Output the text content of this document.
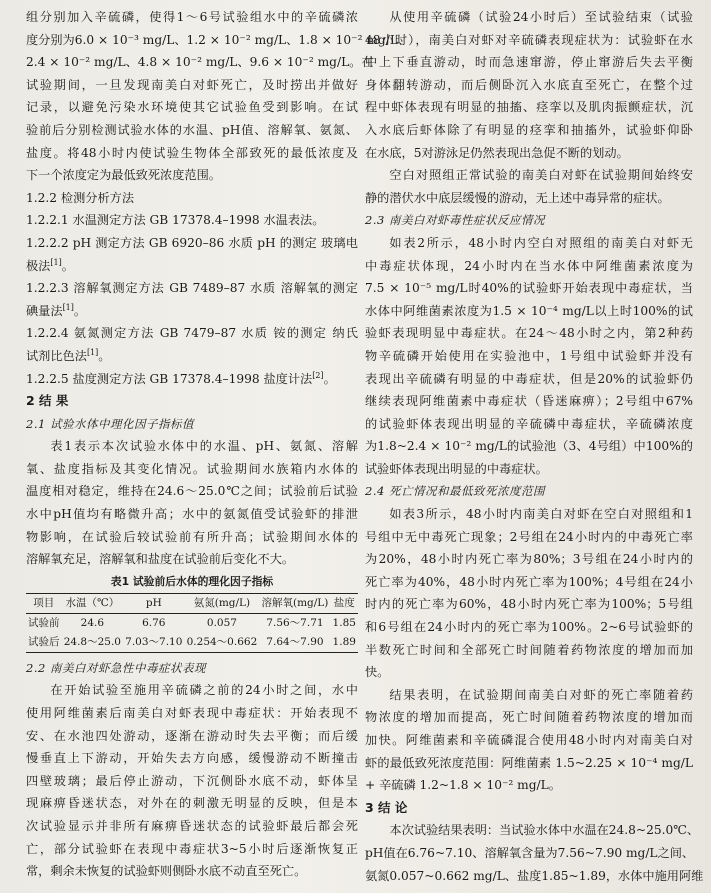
组分别加入辛硫磷，使得1～6号试验组水中的辛硫磷浓
度分别为6.0 × 10⁻³ mg/L、1.2 × 10⁻² mg/L、1.8 × 10⁻² mg/L、
2.4 × 10⁻² mg/L、4.8 × 10⁻² mg/L、9.6 × 10⁻² mg/L。在
试验期间，一旦发现南美白对虾死亡，及时捞出并做好
记录，以避免污染水环境使其它试验鱼受到影响。在试
验前后分别检测试验水体的水温、pH值、溶解氧、氨氮、
盐度。将48小时内使试验生物体全部致死的最低浓度及
下一个浓度定为最低致死浓度范围。
1.2.2 检测分析方法
1.2.2.1 水温测定方法 GB 17378.4–1998 水温表法。
1.2.2.2 pH 测定方法 GB 6920–86 水质 pH 的测定 玻璃电
极法[1]。
1.2.2.3 溶解氧测定方法 GB 7489–87 水质 溶解氧的测定
碘量法[1]。
1.2.2.4 氨氮测定方法 GB 7479–87 水质 铵的测定 纳氏
试剂比色法[1]。
1.2.2.5 盐度测定方法 GB 17378.4–1998 盐度计法[2]。
2 结 果
2.1 试验水体中理化因子指标值
表1表示本次试验水体中的水温、pH、氨氮、溶解
氧、盐度指标及其变化情况。试验期间水族箱内水体的
温度相对稳定，维持在24.6～25.0℃之间；试验前后试验
水中pH值均有略微升高；水中的氨氮值受试验虾的排泄
物影响，在试验后较试验前有所升高；试验期间水体的
溶解氧充足，溶解氧和盐度在试验前后变化不大。
表1 试验前后水体的理化因子指标
项目	水温（℃）	pH	氨氮(mg/L)	溶解氧(mg/L)	盐度
试验前	24.6	6.76	0.057	7.56～7.71	1.85
试验后	24.8～25.0	7.03～7.10	0.254～0.662	7.64～7.90	1.89
2.2 南美白对虾急性中毒症状表现
在开始试验至施用辛硫磷之前的24小时之间，水中
使用阿维菌素后南美白对虾表现中毒症状：开始表现不
安、在水池四处游动，逐渐在游动时失去平衡；而后缓
慢垂直上下游动，开始失去方向感，缓慢游动不断撞击
四壁玻璃；最后停止游动，下沉侧卧水底不动，虾体呈
现麻痹昏迷状态，对外在的刺激无明显的反映，但是本
次试验显示并非所有麻痹昏迷状态的试验虾最后都会死
亡，部分试验虾在表现中毒症状3~5小时后逐渐恢复正
常，剩余未恢复的试验虾则侧卧水底不动直至死亡。
从使用辛硫磷（试验24小时后）至试验结束（试验
48小时），南美白对虾对辛硫磷表现症状为：试验虾在水
中上下垂直游动，时而急速窜游，停止窜游后失去平衡
身体翻转游动，而后侧卧沉入水底直至死亡，在整个过
程中虾体表现有明显的抽搐、痉挛以及肌肉振颤症状，沉
入水底后虾体除了有明显的痉挛和抽搐外，试验虾仰卧
在水底，5对游泳足仍然表现出急促不断的划动。
空白对照组正常试验的南美白对虾在试验期间始终安
静的潜伏水中底层缓慢的游动，无上述中毒异常的症状。
2.3 南美白对虾毒性症状反应情况
如表2所示，48小时内空白对照组的南美白对虾无
中毒症状体现，24小时内在当水体中阿维菌素浓度为
7.5 × 10⁻⁵ mg/L时40%的试验虾开始表现中毒症状，当
水体中阿维菌素浓度为1.5 × 10⁻⁴ mg/L以上时100%的试
验虾表现明显中毒症状。在24～48小时之内，第2种药
物辛硫磷开始使用在实验池中，1号组中试验虾并没有
表现出辛硫磷有明显的中毒症状，但是20%的试验虾仍
继续表现阿维菌素中毒症状（昏迷麻痹）；2号组中67%
的试验虾体表现出明显的辛硫磷中毒症状，辛硫磷浓度
为1.8~2.4 × 10⁻² mg/L的试验池（3、4号组）中100%的
试验虾体表现出明显的中毒症状。
2.4 死亡情况和最低致死浓度范围
如表3所示，48小时内南美白对虾在空白对照组和1
号组中无中毒死亡现象；2号组在24小时内的中毒死亡率
为20%，48小时内死亡率为80%；3号组在24小时内的
死亡率为40%，48小时内死亡率为100%；4号组在24小
时内的死亡率为60%，48小时内死亡率为100%；5号组
和6号组在24小时内的死亡率为100%。2~6号试验虾的
半数死亡时间和全部死亡时间随着药物浓度的增加而加
快。
结果表明，在试验期间南美白对虾的死亡率随着药
物浓度的增加而提高，死亡时间随着药物浓度的增加而
加快。阿维菌素和辛硫磷混合使用48小时内对南美白对
虾的最低致死浓度范围：阿维菌素 1.5~2.25 × 10⁻⁴ mg/L
+ 辛硫磷 1.2~1.8 × 10⁻² mg/L。
3 结 论
本次试验结果表明：当试验水体中水温在24.8~25.0℃、
pH值在6.76~7.10、溶解氧含量为7.56~7.90 mg/L之间、
氨氮0.057~0.662 mg/L、盐度1.85~1.89，水体中施用阿维
